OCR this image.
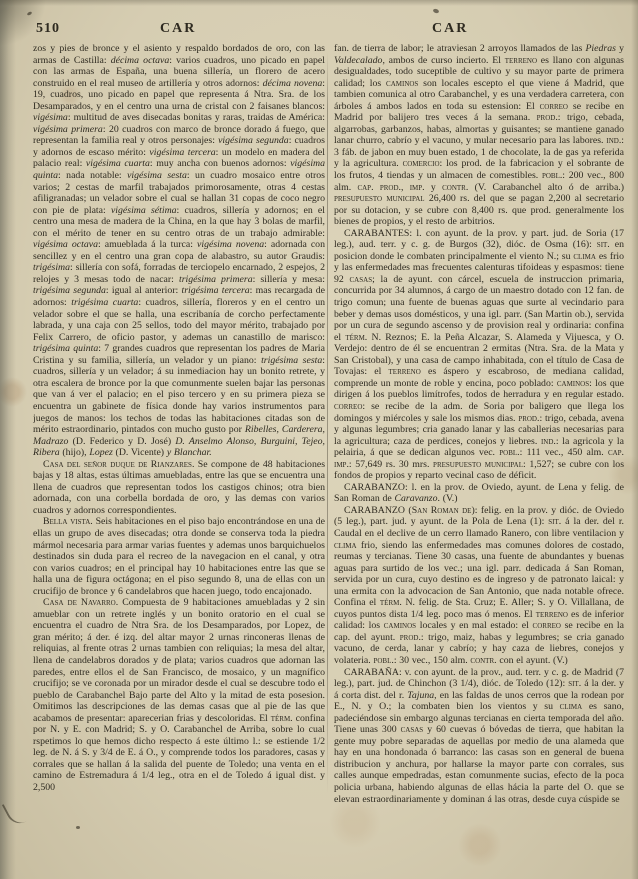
510	CAR	CAR

zos y pies de bronce y el asiento y respaldo bordados de oro, con las armas de Castilla: décima octava: varios cuadros, uno picado en papel con las armas de España, una buena sillería, un florero de acero construido en el real museo de artillería y otros adornos: décima novena: 19, cuadros, uno picado en papel que representa á Ntra. Sra. de los Desamparados, y en el centro una urna de cristal con 2 faisanes blancos: vigésima: multitud de aves disecadas bonitas y raras, traidas de América: vigésima primera: 20 cuadros con marco de bronce dorado á fuego, que representan la familia real y otros personajes: vigésima segunda: cuadros y adornos de escaso mérito: vigésima tercera: un modelo en madera del palacio real: vigésima cuarta: muy ancha con buenos adornos: vigésima quinta: nada notable: vigésima sesta: un cuadro mosaico entre otros varios; 2 cestas de marfil trabajados primorosamente, otras 4 cestas afiligranadas; un velador sobre el cual se hallan 31 copas de coco negro con pie de plata: vigésima sétima: cuadros, sillería y adornos; en el centro una mesa de madera de la China, en la que hay 3 bolas de marfil, con el mérito de tener en su centro otras de un trabajo admirable: vigésima octava: amueblada á la turca: vigésima novena: adornada con sencillez y en el centro una gran copa de alabastro, su autor Graudis: trigésima: sillería con sofá, forradas de terciopelo encarnado, 2 espejos, 2 relojes y 3 mesas todo de nacar: trigésima primera: sillería y mesa: trigésima segunda: igual al anterior: trigésima tercera: mas recargada de adornos: trigésima cuarta: cuadros, sillería, floreros y en el centro un velador sobre el que se halla, una escribanía de corcho perfectamente labrada, y una caja con 25 sellos, todo del mayor mérito, trabajado por Felix Carrero, de oficio pastor, y ademas un canastillo de marisco: trigésima quinta: 7 grandes cuadros que representan los padres de Maria Cristina y su familia, sillería, un velador y un piano: trigésima sesta: cuadros, sillería y un velador; á su inmediacion hay un bonito retrete, y otra escalera de bronce por la que comunmente suelen bajar las personas que van á ver el palacio; en el piso tercero y en su primera pieza se encuentra un gabinete de física donde hay varios instrumentos para juegos de manos: los techos de todas las habitaciones citadas son de mérito estraordinario, pintados con mucho gusto por Ribelles, Carderera, Madrazo (D. Federico y D. José) D. Anselmo Alonso, Burguini, Tejeo, Ribera (hijo), Lopez (D. Vicente) y Blanchar.

Casa del señor duque de Rianzares. Se compone de 48 habitaciones bajas y 18 altas, estas últimas amuebladas, entre las que se encuentra una llena de cuadros que representan todos los castigos chinos; otra bien adornada, con una corbella bordada de oro, y las demas con varios cuadros y adornos correspondientes.

Bella vista. Seis habitaciones en el piso bajo encontrándose en una de ellas un grupo de aves disecadas; otra donde se conserva toda la piedra mármol necesaria para armar varias fuentes y ademas unos barquichuelos destinados sin duda para el recreo de la navegacion en el canal, y otra con varios cuadros; en el principal hay 10 habitaciones entre las que se halla una de figura octágona; en el piso segundo 8, una de ellas con un crucifijo de bronce y 6 candelabros que hacen juego, todo encajonado.

Casa de Navarro. Compuesta de 9 habitaciones amuebladas y 2 sin amueblar con un retrete inglés y un bonito oratorio en el cual se encuentra el cuadro de Ntra Sra. de los Desamparados, por Lopez, de gran mérito; á der. é izq. del altar mayor 2 urnas rinconeras llenas de reliquias, al frente otras 2 urnas tambien con reliquias; la mesa del altar, llena de candelabros dorados y de plata; varios cuadros que adornan las paredes, entre ellos el de San Francisco, de mosaico, y un magnífico crucifijo; se ve coronada por un mirador desde el cual se descubre todo el pueblo de Carabanchel Bajo parte del Alto y la mitad de esta posesion. Omitimos las descripciones de las demas casas que al pie de las que acabamos de presentar: aparecerian frias y descoloridas. El térm. confina por N. y E. con Madrid; S. y O. Carabanchel de Arriba, sobre lo cual rspetimos lo que hemos dicho respecto á este último l.: se estiende 1/2 leg. de N. á S. y 3/4 de E. á O., y comprende todos los paradores, casas y corrales que se hallan á la salida del puente de Toledo; una venta en el camino de Estremadura á 1/4 leg., otra en el de Toledo á igual dist. y 2,500

fan. de tierra de labor; le atraviesan 2 arroyos llamados de las Piedras y Valdecalado, ambos de curso incierto. El terreno es llano con algunas desigualdades, todo suceptible de cultivo y su mayor parte de primera calidad; los caminos son locales escepto el que viene á Madrid, que tambien comunica al otro Carabanchel, y es una verdadera carretera, con árboles á ambos lados en toda su estension: El correo se recibe en Madrid por balijero tres veces á la semana. prod.: trigo, cebada, algarrobas, garbanzos, habas, almortas y guisantes; se mantiene ganado lanar churro, cabrío y el vacuno, y mular necesario para las labores. ind.: 3 fáb. de jabon en muy buen estado, 1 de chocolate, la de gas ya referida y la agricultura. comercio: los prod. de la fabricacion y el sobrante de los frutos, 4 tiendas y un almacen de comestibles. pobl.: 200 vec., 800 alm. cap. prod., imp. y contr. (V. Carabanchel alto ó de arriba.) presupuesto municipal 26,400 rs. del que se pagan 2,200 al secretario por su dotacion, y se cubre con 8,400 rs. que prod. generalmente los bienes de propios, y el resto de arbitrios.

CARABANTES: l. con ayunt. de la prov. y part. jud. de Soria (17 leg.), aud. terr. y c. g. de Burgos (32), dióc. de Osma (16): sit. en posicion donde le combaten principalmente el viento N.; su clima es frio y las enfermedades mas frecuentes calenturas tifoideas y espasmos: tiene 92 casas; la de ayunt. con cárcel, escuela de instruccion primaria, concurrida por 34 alumnos, á cargo de un maestro dotado con 12 fan. de trigo comun; una fuente de buenas aguas que surte al vecindario para beber y demas usos domésticos, y una igl. parr. (San Martin ob.), servida por un cura de segundo ascenso y de provision real y ordinaria: confina el térm. N. Reznos; E. la Peña Alcazar, S. Alameda y Vijuesca, y O. Verdejo: dentro de él se encuentran 2 ermitas (Ntra. Sra. de la Mata y San Cristobal), y una casa de campo inhabitada, con el título de Casa de Tovajas: el terreno es áspero y escabroso, de mediana calidad, comprende un monte de roble y encina, poco poblado: caminos: los que dirigen á los pueblos limítrofes, todos de herradura y en regular estado. correo: se recibe de la adm. de Soria por baligero que llega los domingos y miércoles y sale los mismos dias. prod.: trigo, cebada, avena y algunas legumbres; cria ganado lanar y las caballerias necesarias para la agricultura; caza de perdices, conejos y liebres. ind.: la agricola y la pelairia, á que se dedican algunos vec. pobl.: 111 vec., 450 alm. cap. imp.: 57,649 rs. 30 mrs. presupuesto municipal: 1,527; se cubre con los fondos de propios y reparto vecinal caso de déficit.

CARABANZO: l. en la prov. de Oviedo, ayunt. de Lena y felig. de San Roman de Caravanzo. (V.)

CARABANZO (San Roman de): felig. en la prov. y dióc. de Oviedo (5 leg.), part. jud. y ayunt. de la Pola de Lena (1): sit. á la der. del r. Caudal en el declive de un cerro llamado Ranero, con libre ventilacion y clima frio, siendo las enfermedades mas comunes dolores de costado, reumas y tercianas. Tiene 30 casas, una fuente de abundantes y buenas aguas para surtido de los vec.; una igl. parr. dedicada á San Roman, servida por un cura, cuyo destino es de ingreso y de patronato laical: y una ermita con la advocacion de San Antonio, que nada notable ofrece. Confina el térm. N. felig. de Sta. Cruz; E. Aller; S. y O. Villallana, de cuyos puntos dista 1/4 leg. poco mas ó menos. El terreno es de inferior calidad: los caminos locales y en mal estado: el correo se recibe en la cap. del ayunt. prod.: trigo, maiz, habas y legumbres; se cria ganado vacuno, de cerda, lanar y cabrío; y hay caza de liebres, conejos y volateria. pobl.: 30 vec., 150 alm. contr. con el ayunt. (V.)

CARABAÑA: v. con ayunt. de la prov., aud. terr. y c. g. de Madrid (7 leg.), part. jud. de Chinchon (3 1/4), dióc. de Toledo (12): sit. á la der. y á corta dist. del r. Tajuna, en las faldas de unos cerros que la rodean por E., N. y O.; la combaten bien los vientos y su clima es sano, padeciéndose sin embargo algunas tercianas en cierta temporada del año. Tiene unas 300 casas y 60 cuevas ó bóvedas de tierra, que habitan la gente muy pobre separadas de aquellas por medio de una alameda que hay en una hondonada ó barranco: las casas son en general de buena distribucion y anchura, por hallarse la mayor parte con corrales, sus calles aunque empedradas, estan comunmente sucias, efecto de la poca policia urbana, habiendo algunas de ellas hácia la parte del O. que se elevan estraordinariamente y dominan á las otras, desde cuya cúspide se
